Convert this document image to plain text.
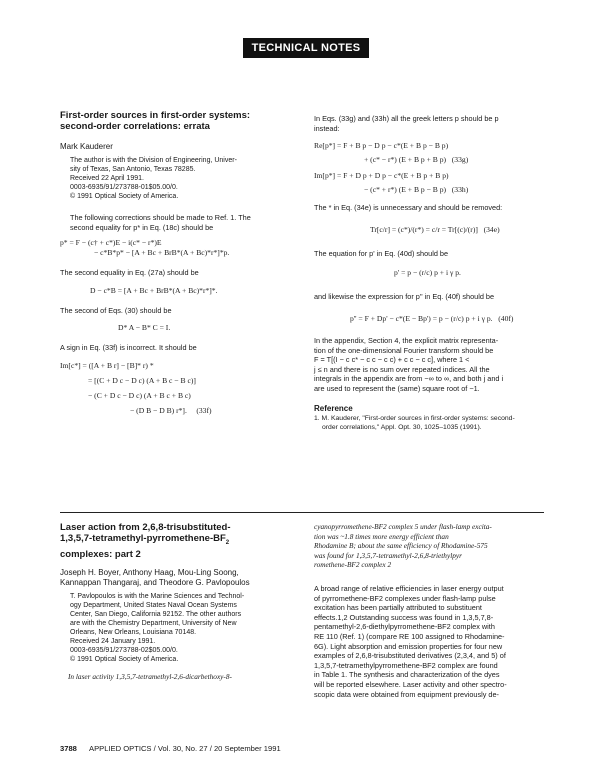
TECHNICAL NOTES

First-order sources in first-order systems:

second-order correlations: errata

Mark Kauderer

The author is with the Division of Engineering, Univer-

sity of Texas, San Antonio, Texas 78285.

Received 22 April 1991.

0003-6935/91/273788-01$05.00/0.

© 1991 Optical Society of America.

The following corrections should be made to Ref. 1. The

second equality for p* in Eq. (18c) should be

p* = F − (c† + c*)E − i(c* − r*)E

− c*B*p* − [A + Bc + BrB*(A + Bc)*r*]*p.

The second equality in Eq. (27a) should be

D − c*B = [A + Bc + BrB*(A + Bc)*r*]*.

The second of Eqs. (30) should be

D* A − B* C = I.

A sign in Eq. (33f) is incorrect. It should be

Im[c*] = ([A + B r] − [B]* r) *

= [(C + D c − D c) (A + B c − B c)]

− (C + D c − D c) (A + B c + B c)

− (D B − D B) r*].     (33f)

In Eqs. (33g) and (33h) all the greek letters p should be p

instead:

Re[p*] = F + B p − D p − c*(E + B p − B p)

+ (c* − r*) (E + B p + B p)   (33g)

Im[p*] = F + D p + D p − c*(E + B p + B p)

− (c* + r*) (E + B p − B p)   (33h)

The * in Eq. (34e) is unnecessary and should be removed:

Tr[c/r] = (c*)/(r*) = c/r = Tr[(c)/(r)]   (34e)

The equation for p' in Eq. (40d) should be

p' = p − (r/c) p + i γ p.

and likewise the expression for p'' in Eq. (40f) should be

p'' = F + Dp' − c*(E − Bp') = p − (r/c) p + i γ p.   (40f)

In the appendix, Section 4, the explicit matrix representa-

tion of the one-dimensional Fourier transform should be

F = T[(I − c c* − c c − c c) + c c − c c], where 1 <

j ≤ n and there is no sum over repeated indices. All the

integrals in the appendix are from −∞ to ∞, and both j and i

are used to represent the (same) square root of −1.

Reference

1. M. Kauderer, "First-order sources in first-order systems: second-

order correlations," Appl. Opt. 30, 1025–1035 (1991).

Laser action from 2,6,8-trisubstituted-

$1,3,5,7-tetramethyl-pyrromethene-BF_2$

complexes: part 2

Joseph H. Boyer, Anthony Haag, Mou-Ling Soong,

Kannappan Thangaraj, and Theodore G. Pavlopoulos

T. Pavlopoulos is with the Marine Sciences and Technol-

ogy Department, United States Naval Ocean Systems

Center, San Diego, California 92152. The other authors

are with the Chemistry Department, University of New

Orleans, New Orleans, Louisiana 70148.

Received 24 January 1991.

0003-6935/91/273788-02$05.00/0.

© 1991 Optical Society of America.

In laser activity 1,3,5,7-tetramethyl-2,6-dicarbethoxy-8-

cyanopyrromethene-BF2 complex 5 under flash-lamp excita-

tion was ~1.8 times more energy efficient than

Rhodamine B; about the same efficiency of Rhodamine-575

was found for 1,3,5,7-tetramethyl-2,6,8-triethylpyr

romethene-BF2 complex 2

A broad range of relative efficiencies in laser energy output

of pyrromethene-BF2 complexes under flash-lamp pulse

excitation has been partially attributed to substituent

effects.1,2 Outstanding success was found in 1,3,5,7,8-

pentamethyl-2,6-diethylpyrromethene-BF2 complex with

RE 110 (Ref. 1) (compare RE 100 assigned to Rhodamine-

6G). Light absorption and emission properties for four new

examples of 2,6,8-trisubstituted derivatives (2,3,4, and 5) of

1,3,5,7-tetramethylpyrromethene-BF2 complex are found

in Table 1. The synthesis and characterization of the dyes

will be reported elsewhere. Laser activity and other spectro-

scopic data were obtained from equipment previously de-

3788 APPLIED OPTICS / Vol. 30, No. 27 / 20 September 1991
